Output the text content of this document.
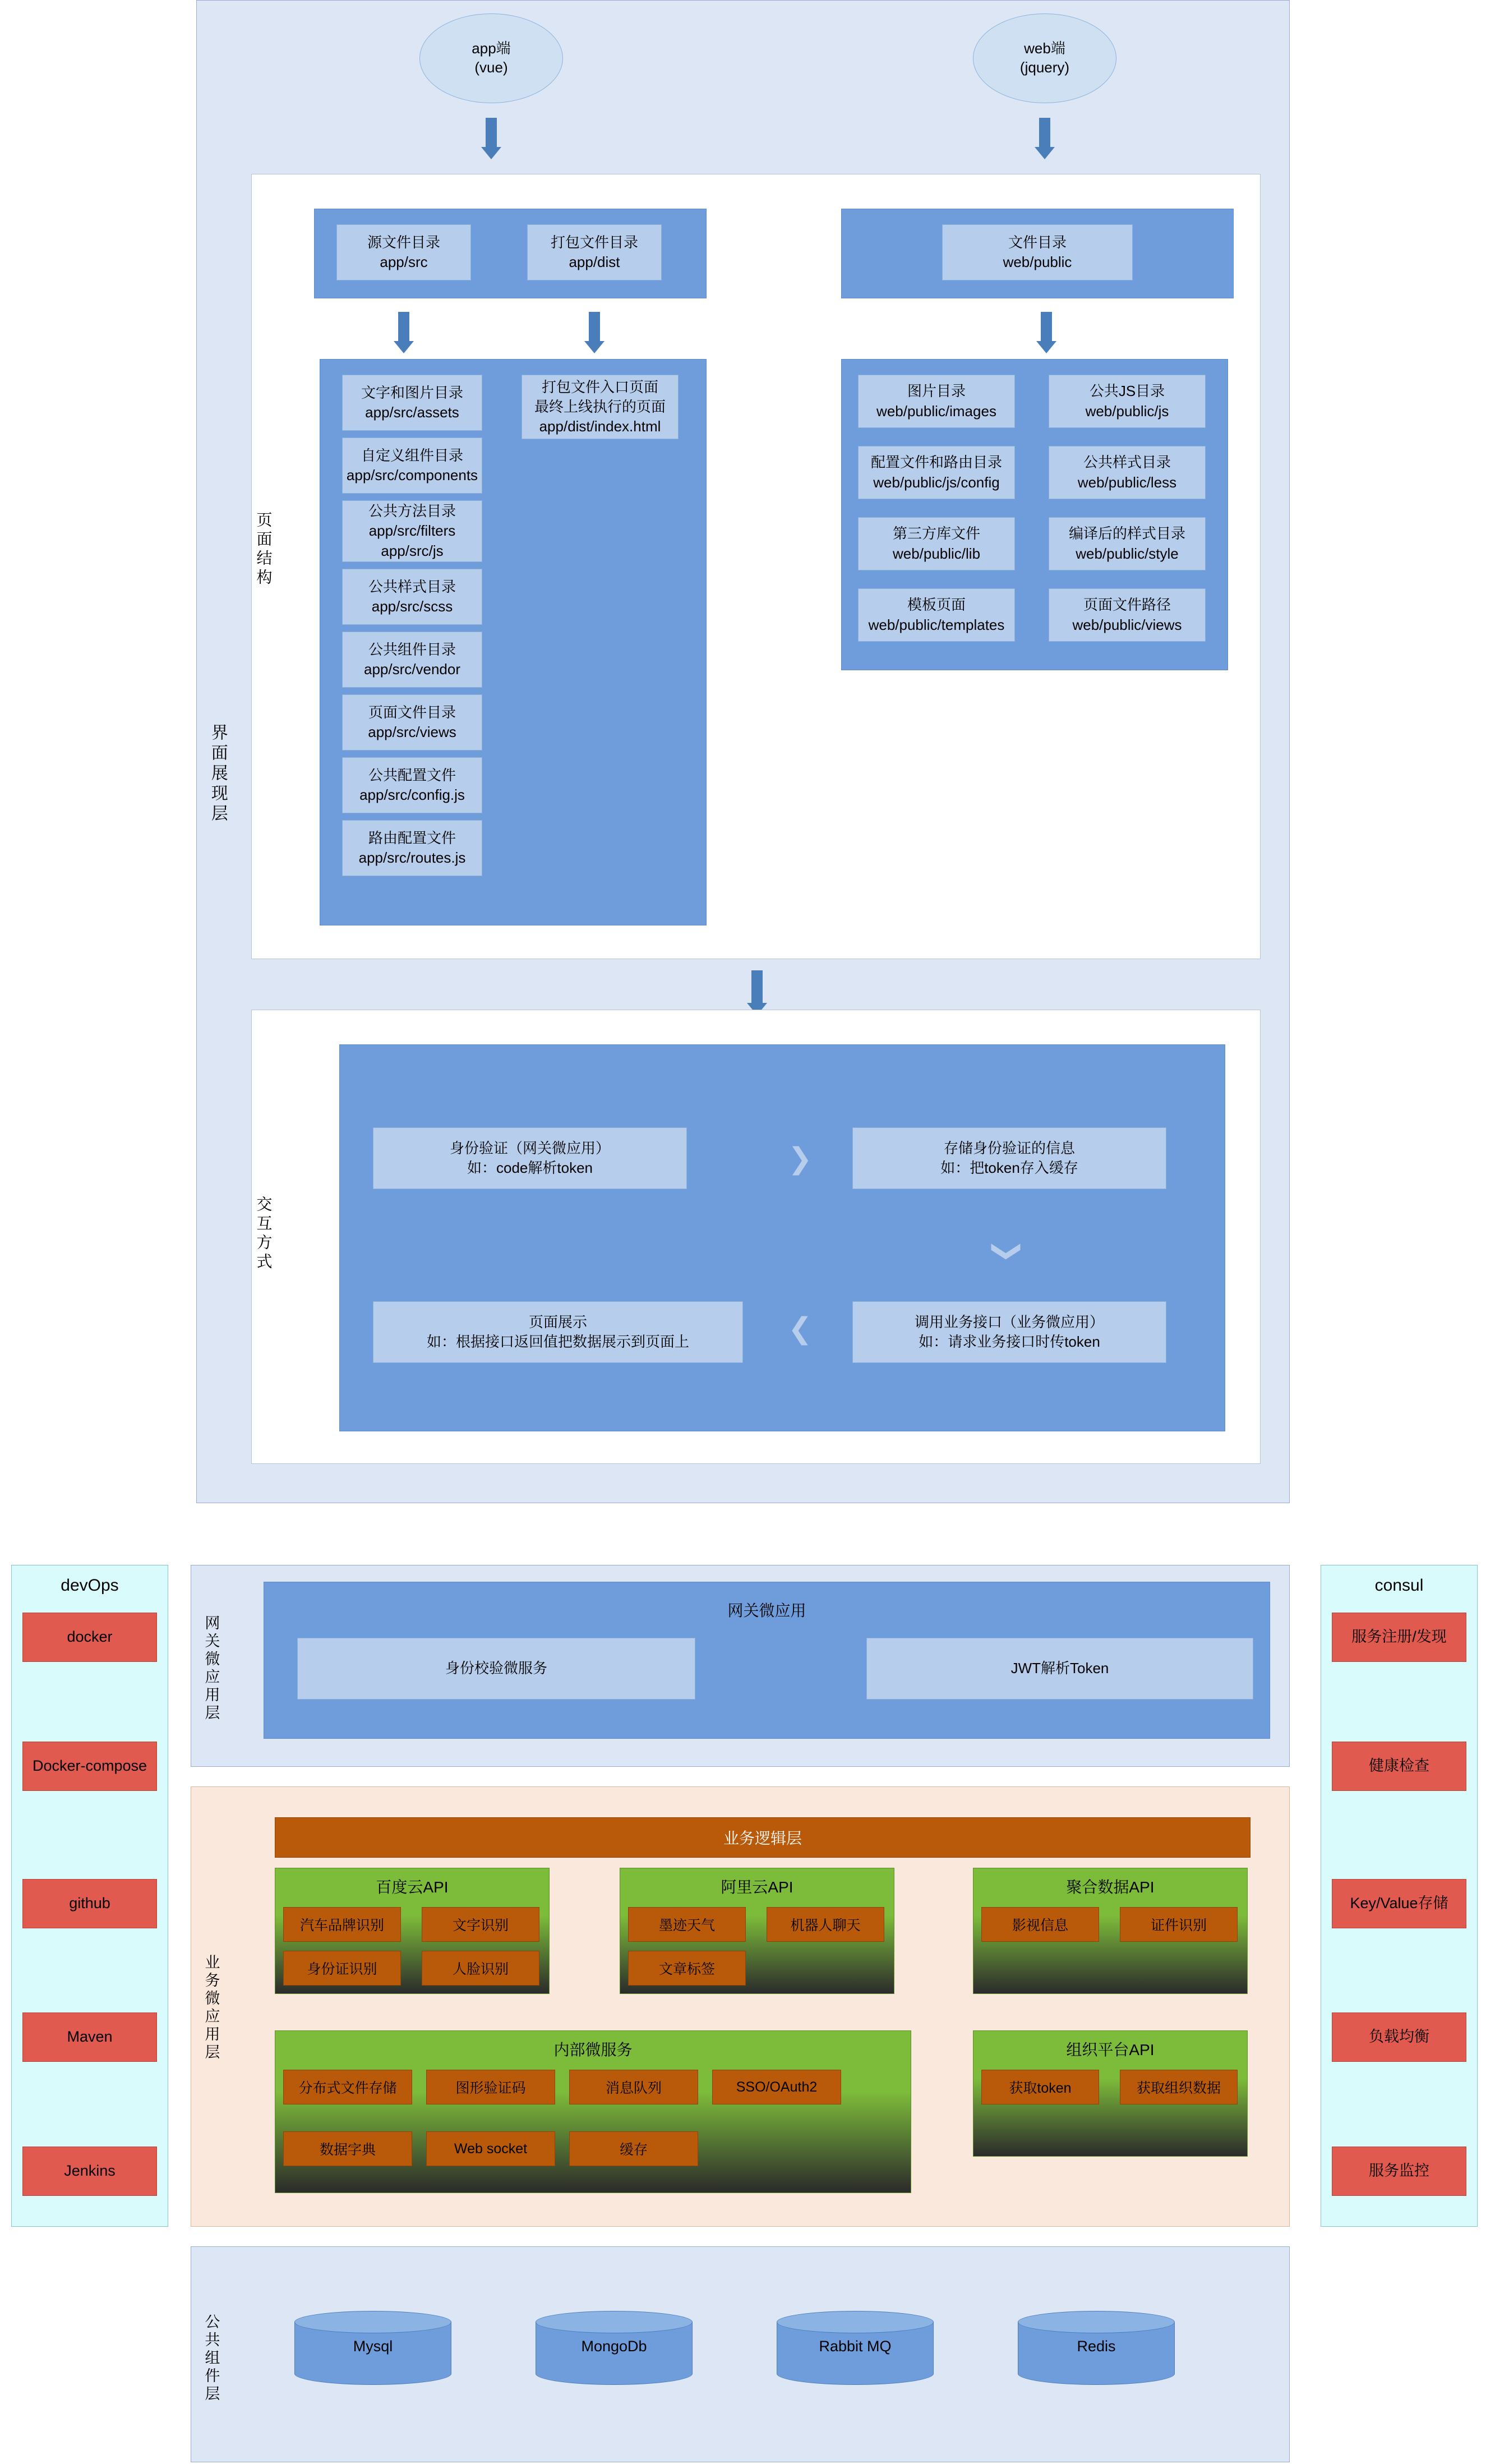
界面展现层
app端
(vue)
web端
(jquery)
页面结构
源文件目录
app/src
打包文件目录
app/dist
文件目录
web/public
文字和图片目录
app/src/assets
自定义组件目录
app/src/components
公共方法目录
app/src/filters
app/src/js
公共样式目录
app/src/scss
公共组件目录
app/src/vendor
页面文件目录
app/src/views
公共配置文件
app/src/config.js
路由配置文件
app/src/routes.js
打包文件入口页面
最终上线执行的页面
app/dist/index.html
图片目录
web/public/images
公共JS目录
web/public/js
配置文件和路由目录
web/public/js/config
公共样式目录
web/public/less
第三方库文件
web/public/lib
编译后的样式目录
web/public/style
模板页面
web/public/templates
页面文件路径
web/public/views
交互方式
身份验证（网关微应用）
如：code解析token	❯	存储身份验证的信息
如：把token存入缓存
❯
调用业务接口（业务微应用）
如：请求业务接口时传token
❯
页面展示
如：根据接口返回值把数据展示到页面上
devOps
docker
Docker-compose
github
Maven
Jenkins
consul
服务注册/发现
健康检查
Key/Value存储
负载均衡
服务监控
网关微应用层
网关微应用
身份校验微服务	JWT解析Token
业务微应用层
业务逻辑层
百度云API
汽车品牌识别	文字识别
身份证识别	人脸识别
阿里云API
墨迹天气	机器人聊天
文章标签
聚合数据API
影视信息	证件识别
内部微服务
分布式文件存储	图形验证码	消息队列	SSO/OAuth2
数据字典	Web socket	缓存
组织平台API
获取token	获取组织数据
公共组件层	Mysql	MongoDb	Rabbit MQ	Redis
